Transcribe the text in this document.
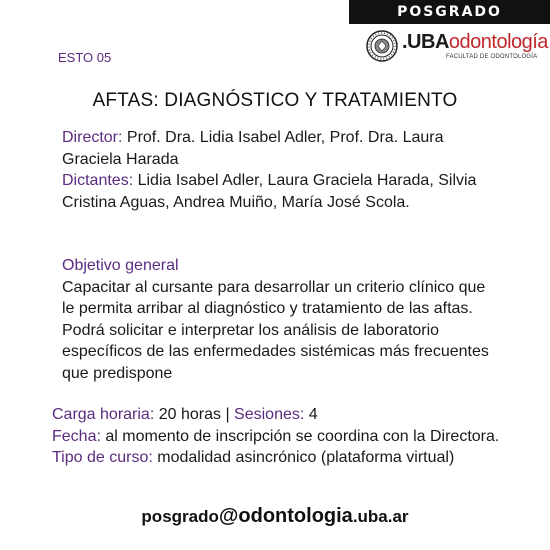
POSGRADO
.UBAodontología
FACULTAD DE ODONTOLOGÍA
ESTO 05
AFTAS: DIAGNÓSTICO Y TRATAMIENTO
Director: Prof. Dra. Lidia Isabel Adler, Prof. Dra. Laura Graciela Harada
Dictantes: Lidia Isabel Adler, Laura Graciela Harada, Silvia Cristina Aguas, Andrea Muiño, María José Scola.
Objetivo general
Capacitar al cursante para desarrollar un criterio clínico que le permita arribar al diagnóstico y tratamiento de las aftas. Podrá solicitar e interpretar los análisis de laboratorio específicos de las enfermedades sistémicas más frecuentes que predispone
Carga horaria: 20 horas | Sesiones: 4
Fecha: al momento de inscripción se coordina con la Directora.
Tipo de curso: modalidad asincrónico (plataforma virtual)
posgrado@odontologia.uba.ar
